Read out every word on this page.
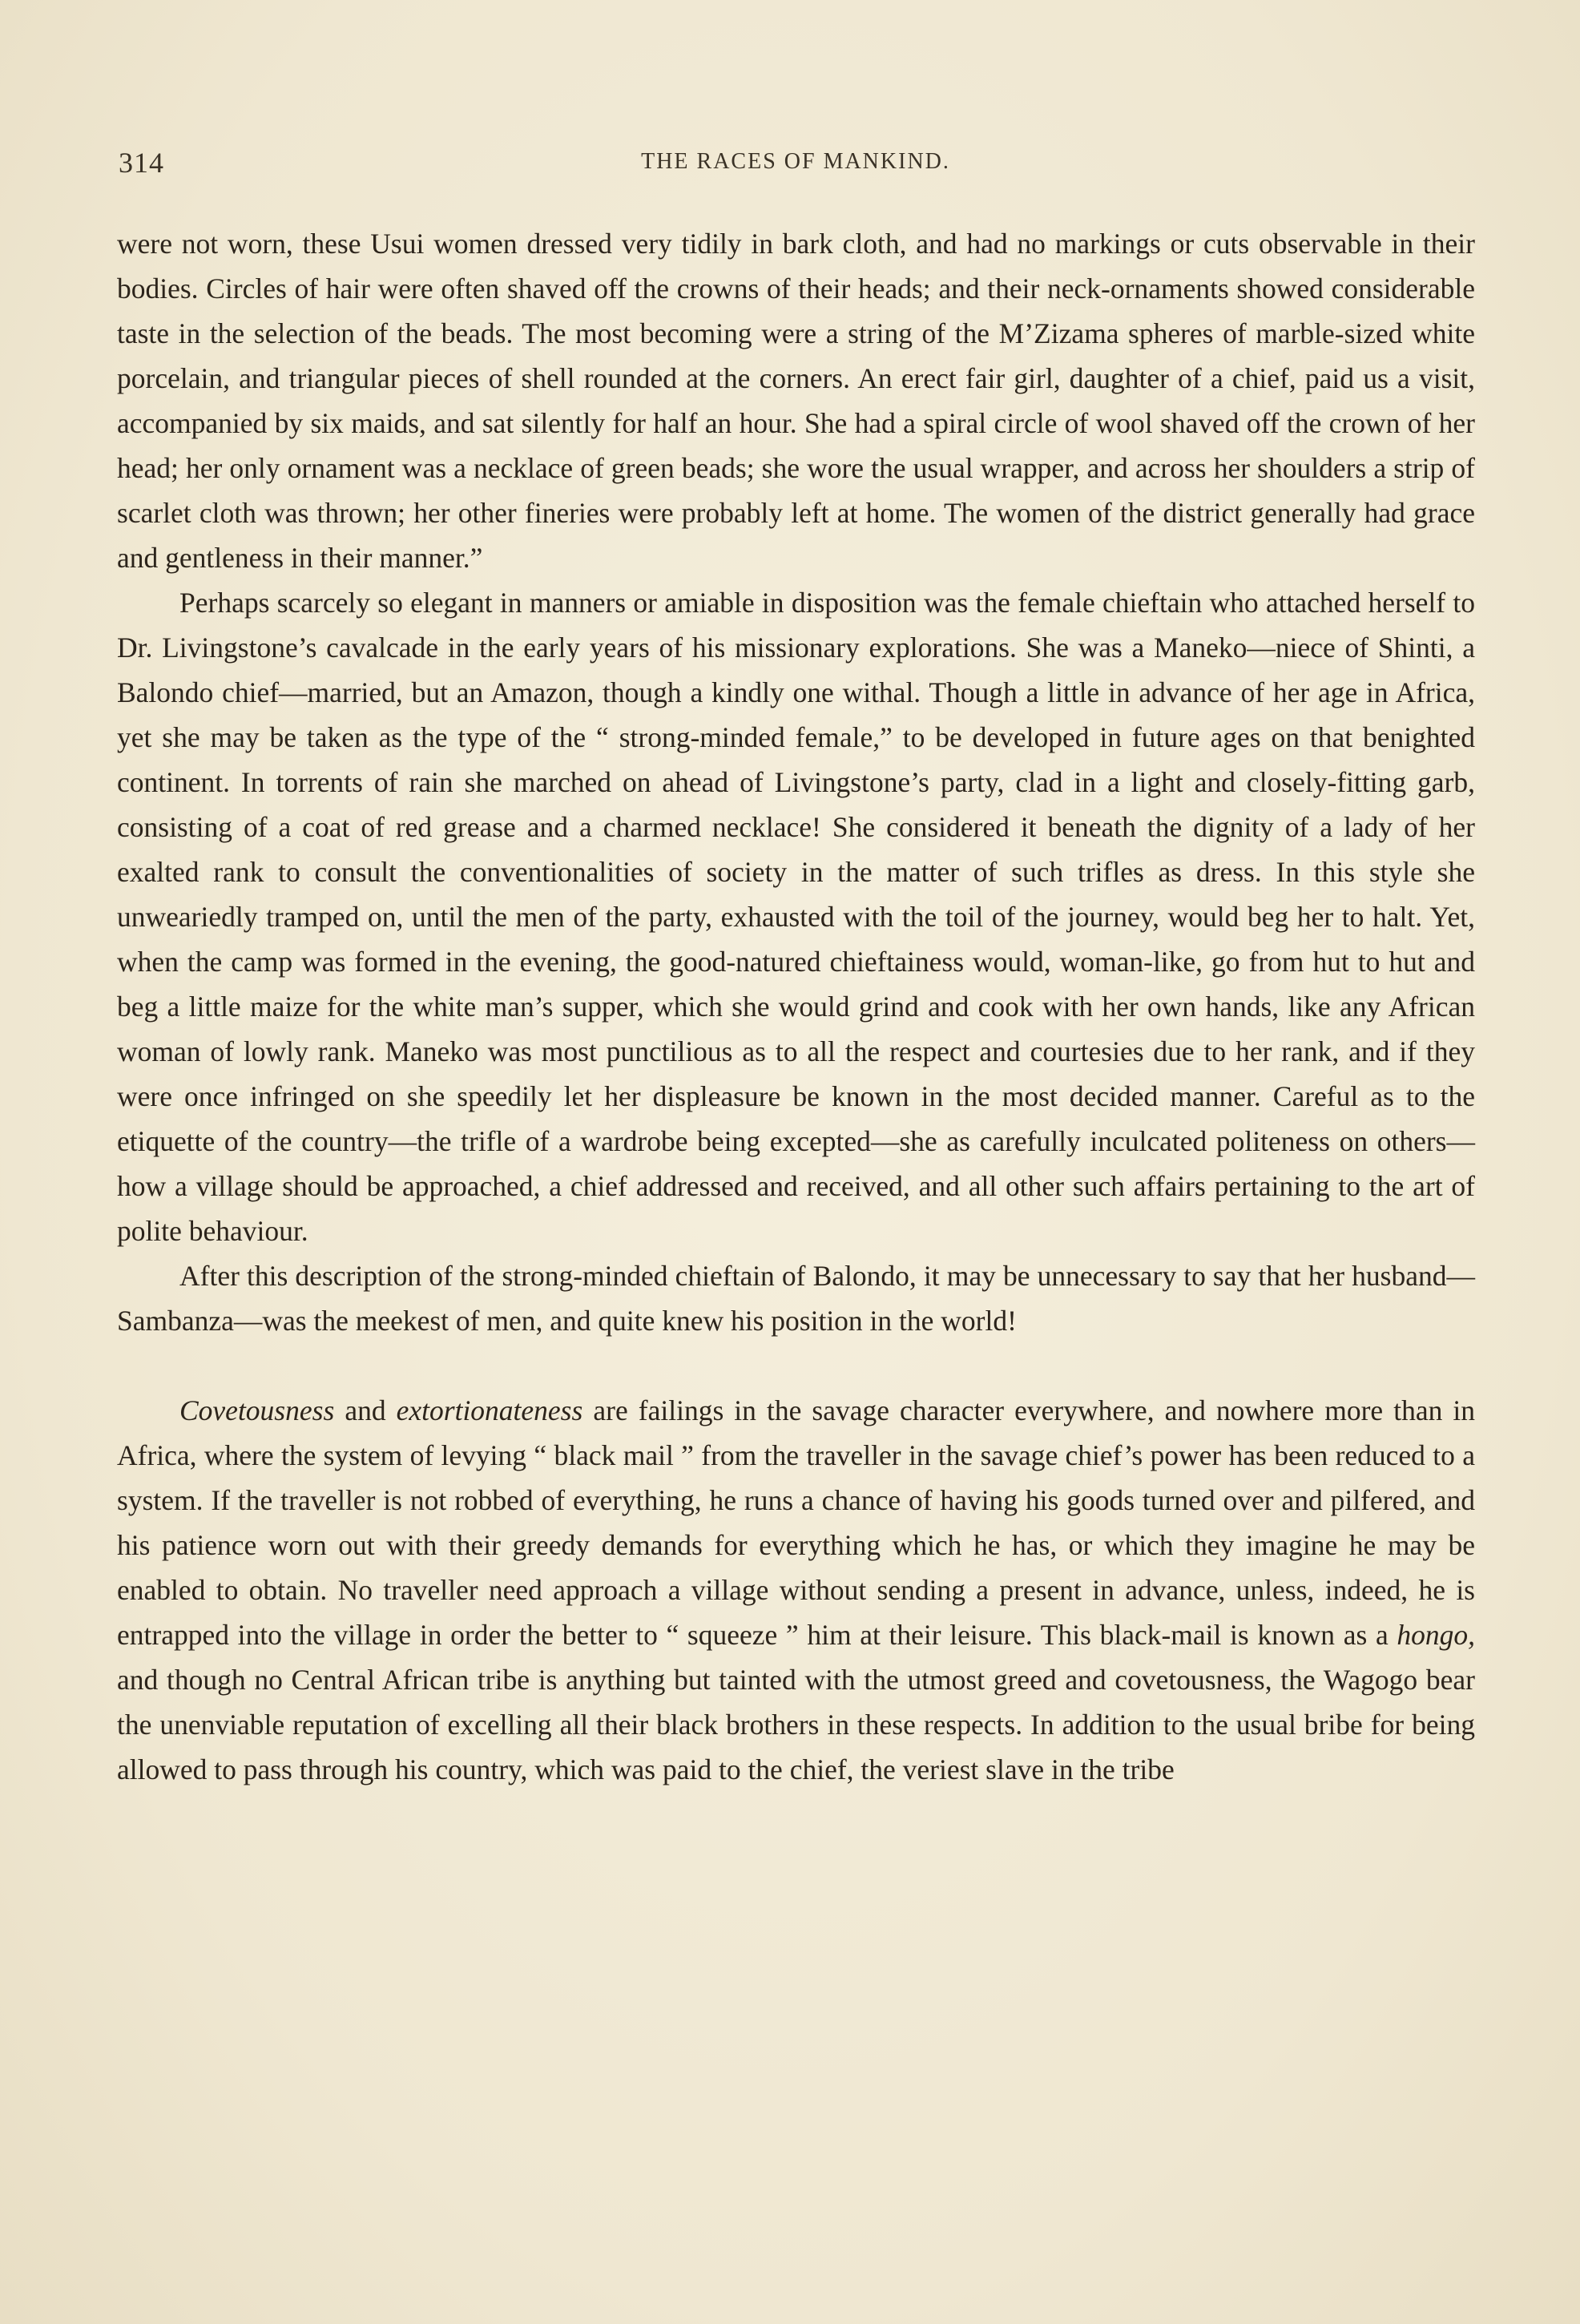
314	THE RACES OF MANKIND.

were not worn, these Usui women dressed very tidily in bark cloth, and had no markings or cuts observable in their bodies. Circles of hair were often shaved off the crowns of their heads; and their neck-ornaments showed considerable taste in the selection of the beads. The most becoming were a string of the M’Zizama spheres of marble-sized white porcelain, and triangular pieces of shell rounded at the corners. An erect fair girl, daughter of a chief, paid us a visit, accompanied by six maids, and sat silently for half an hour. She had a spiral circle of wool shaved off the crown of her head; her only ornament was a necklace of green beads; she wore the usual wrapper, and across her shoulders a strip of scarlet cloth was thrown; her other fineries were probably left at home. The women of the district generally had grace and gentleness in their manner.”

Perhaps scarcely so elegant in manners or amiable in disposition was the female chieftain who attached herself to Dr. Livingstone’s cavalcade in the early years of his missionary explorations. She was a Maneko—niece of Shinti, a Balondo chief—married, but an Amazon, though a kindly one withal. Though a little in advance of her age in Africa, yet she may be taken as the type of the “ strong-minded female,” to be developed in future ages on that benighted continent. In torrents of rain she marched on ahead of Livingstone’s party, clad in a light and closely-fitting garb, consisting of a coat of red grease and a charmed necklace! She considered it beneath the dignity of a lady of her exalted rank to consult the conventionalities of society in the matter of such trifles as dress. In this style she unweariedly tramped on, until the men of the party, exhausted with the toil of the journey, would beg her to halt. Yet, when the camp was formed in the evening, the good-natured chieftainess would, woman-like, go from hut to hut and beg a little maize for the white man’s supper, which she would grind and cook with her own hands, like any African woman of lowly rank. Maneko was most punctilious as to all the respect and courtesies due to her rank, and if they were once infringed on she speedily let her displeasure be known in the most decided manner. Careful as to the etiquette of the country—the trifle of a wardrobe being excepted—she as carefully inculcated politeness on others—how a village should be approached, a chief addressed and received, and all other such affairs pertaining to the art of polite behaviour.

After this description of the strong-minded chieftain of Balondo, it may be unnecessary to say that her husband—Sambanza—was the meekest of men, and quite knew his position in the world!

Covetousness and extortionateness are failings in the savage character everywhere, and nowhere more than in Africa, where the system of levying “ black mail ” from the traveller in the savage chief’s power has been reduced to a system. If the traveller is not robbed of everything, he runs a chance of having his goods turned over and pilfered, and his patience worn out with their greedy demands for everything which he has, or which they imagine he may be enabled to obtain. No traveller need approach a village without sending a present in advance, unless, indeed, he is entrapped into the village in order the better to “ squeeze ” him at their leisure. This black-mail is known as a hongo, and though no Central African tribe is anything but tainted with the utmost greed and covetousness, the Wagogo bear the unenviable reputation of excelling all their black brothers in these respects. In addition to the usual bribe for being allowed to pass through his country, which was paid to the chief, the veriest slave in the tribe
